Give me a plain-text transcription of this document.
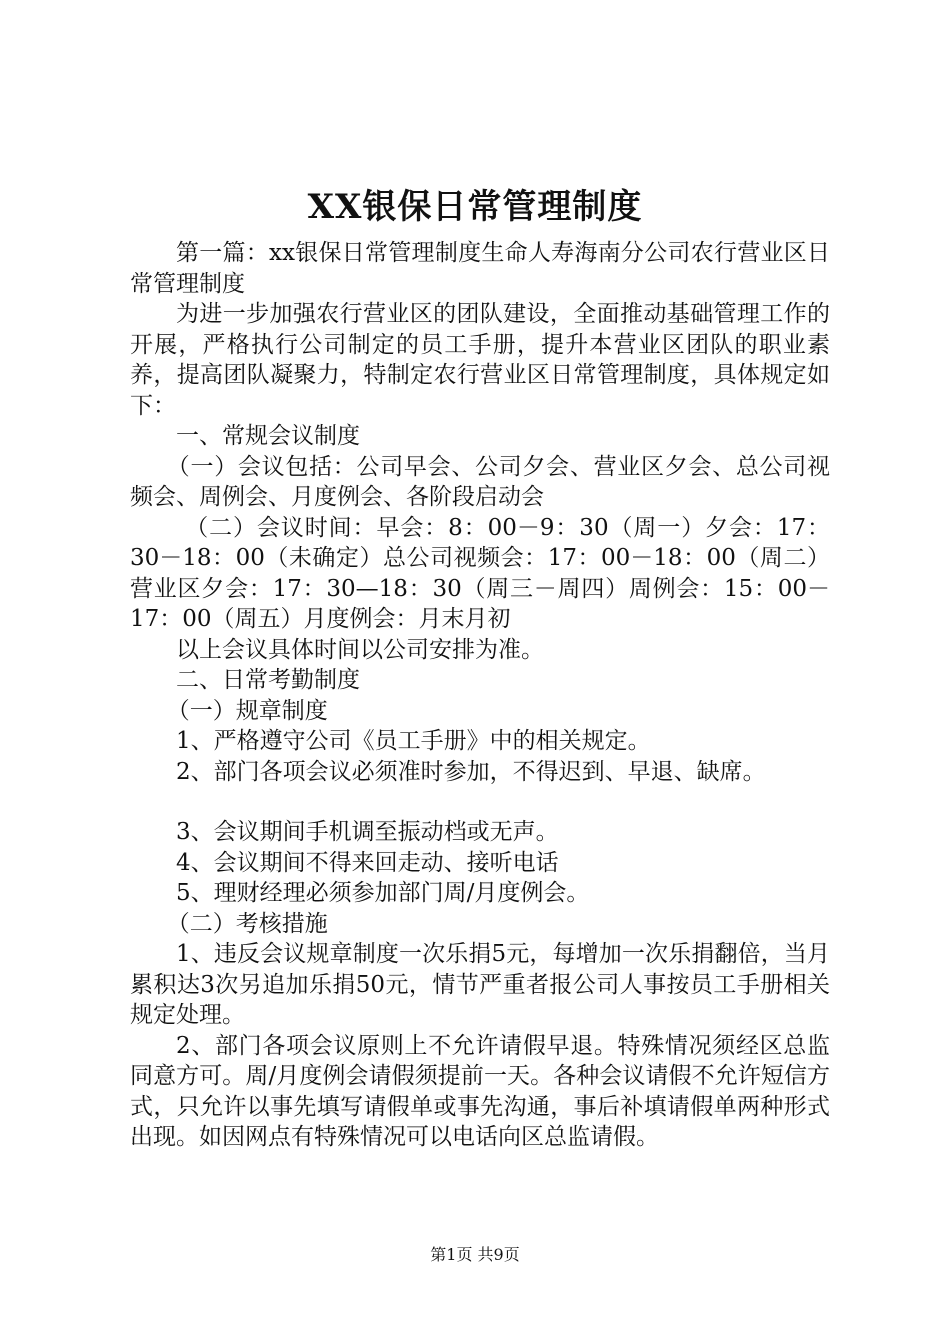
XX银保日常管理制度

第一篇：xx银保日常管理制度生命人寿海南分公司农行营业区日常管理制度

为进一步加强农行营业区的团队建设，全面推动基础管理工作的开展，严格执行公司制定的员工手册，提升本营业区团队的职业素养，提高团队凝聚力，特制定农行营业区日常管理制度，具体规定如下：

一、常规会议制度

（一）会议包括：公司早会、公司夕会、营业区夕会、总公司视频会、周例会、月度例会、各阶段启动会

（二）会议时间：早会：8：00－9：30（周一）夕会：17：30－18：00（未确定）总公司视频会：17：00－18：00（周二）营业区夕会：17：30—18：30（周三－周四）周例会：15：00－17：00（周五）月度例会：月末月初

以上会议具体时间以公司安排为准。

二、日常考勤制度

（一）规章制度

1、严格遵守公司《员工手册》中的相关规定。

2、部门各项会议必须准时参加，不得迟到、早退、缺席。

3、会议期间手机调至振动档或无声。

4、会议期间不得来回走动、接听电话

5、理财经理必须参加部门周/月度例会。

（二）考核措施

1、违反会议规章制度一次乐捐5元，每增加一次乐捐翻倍，当月累积达3次另追加乐捐50元，情节严重者报公司人事按员工手册相关规定处理。

2、部门各项会议原则上不允许请假早退。特殊情况须经区总监同意方可。周/月度例会请假须提前一天。各种会议请假不允许短信方式，只允许以事先填写请假单或事先沟通，事后补填请假单两种形式出现。如因网点有特殊情况可以电话向区总监请假。

第1页 共9页
